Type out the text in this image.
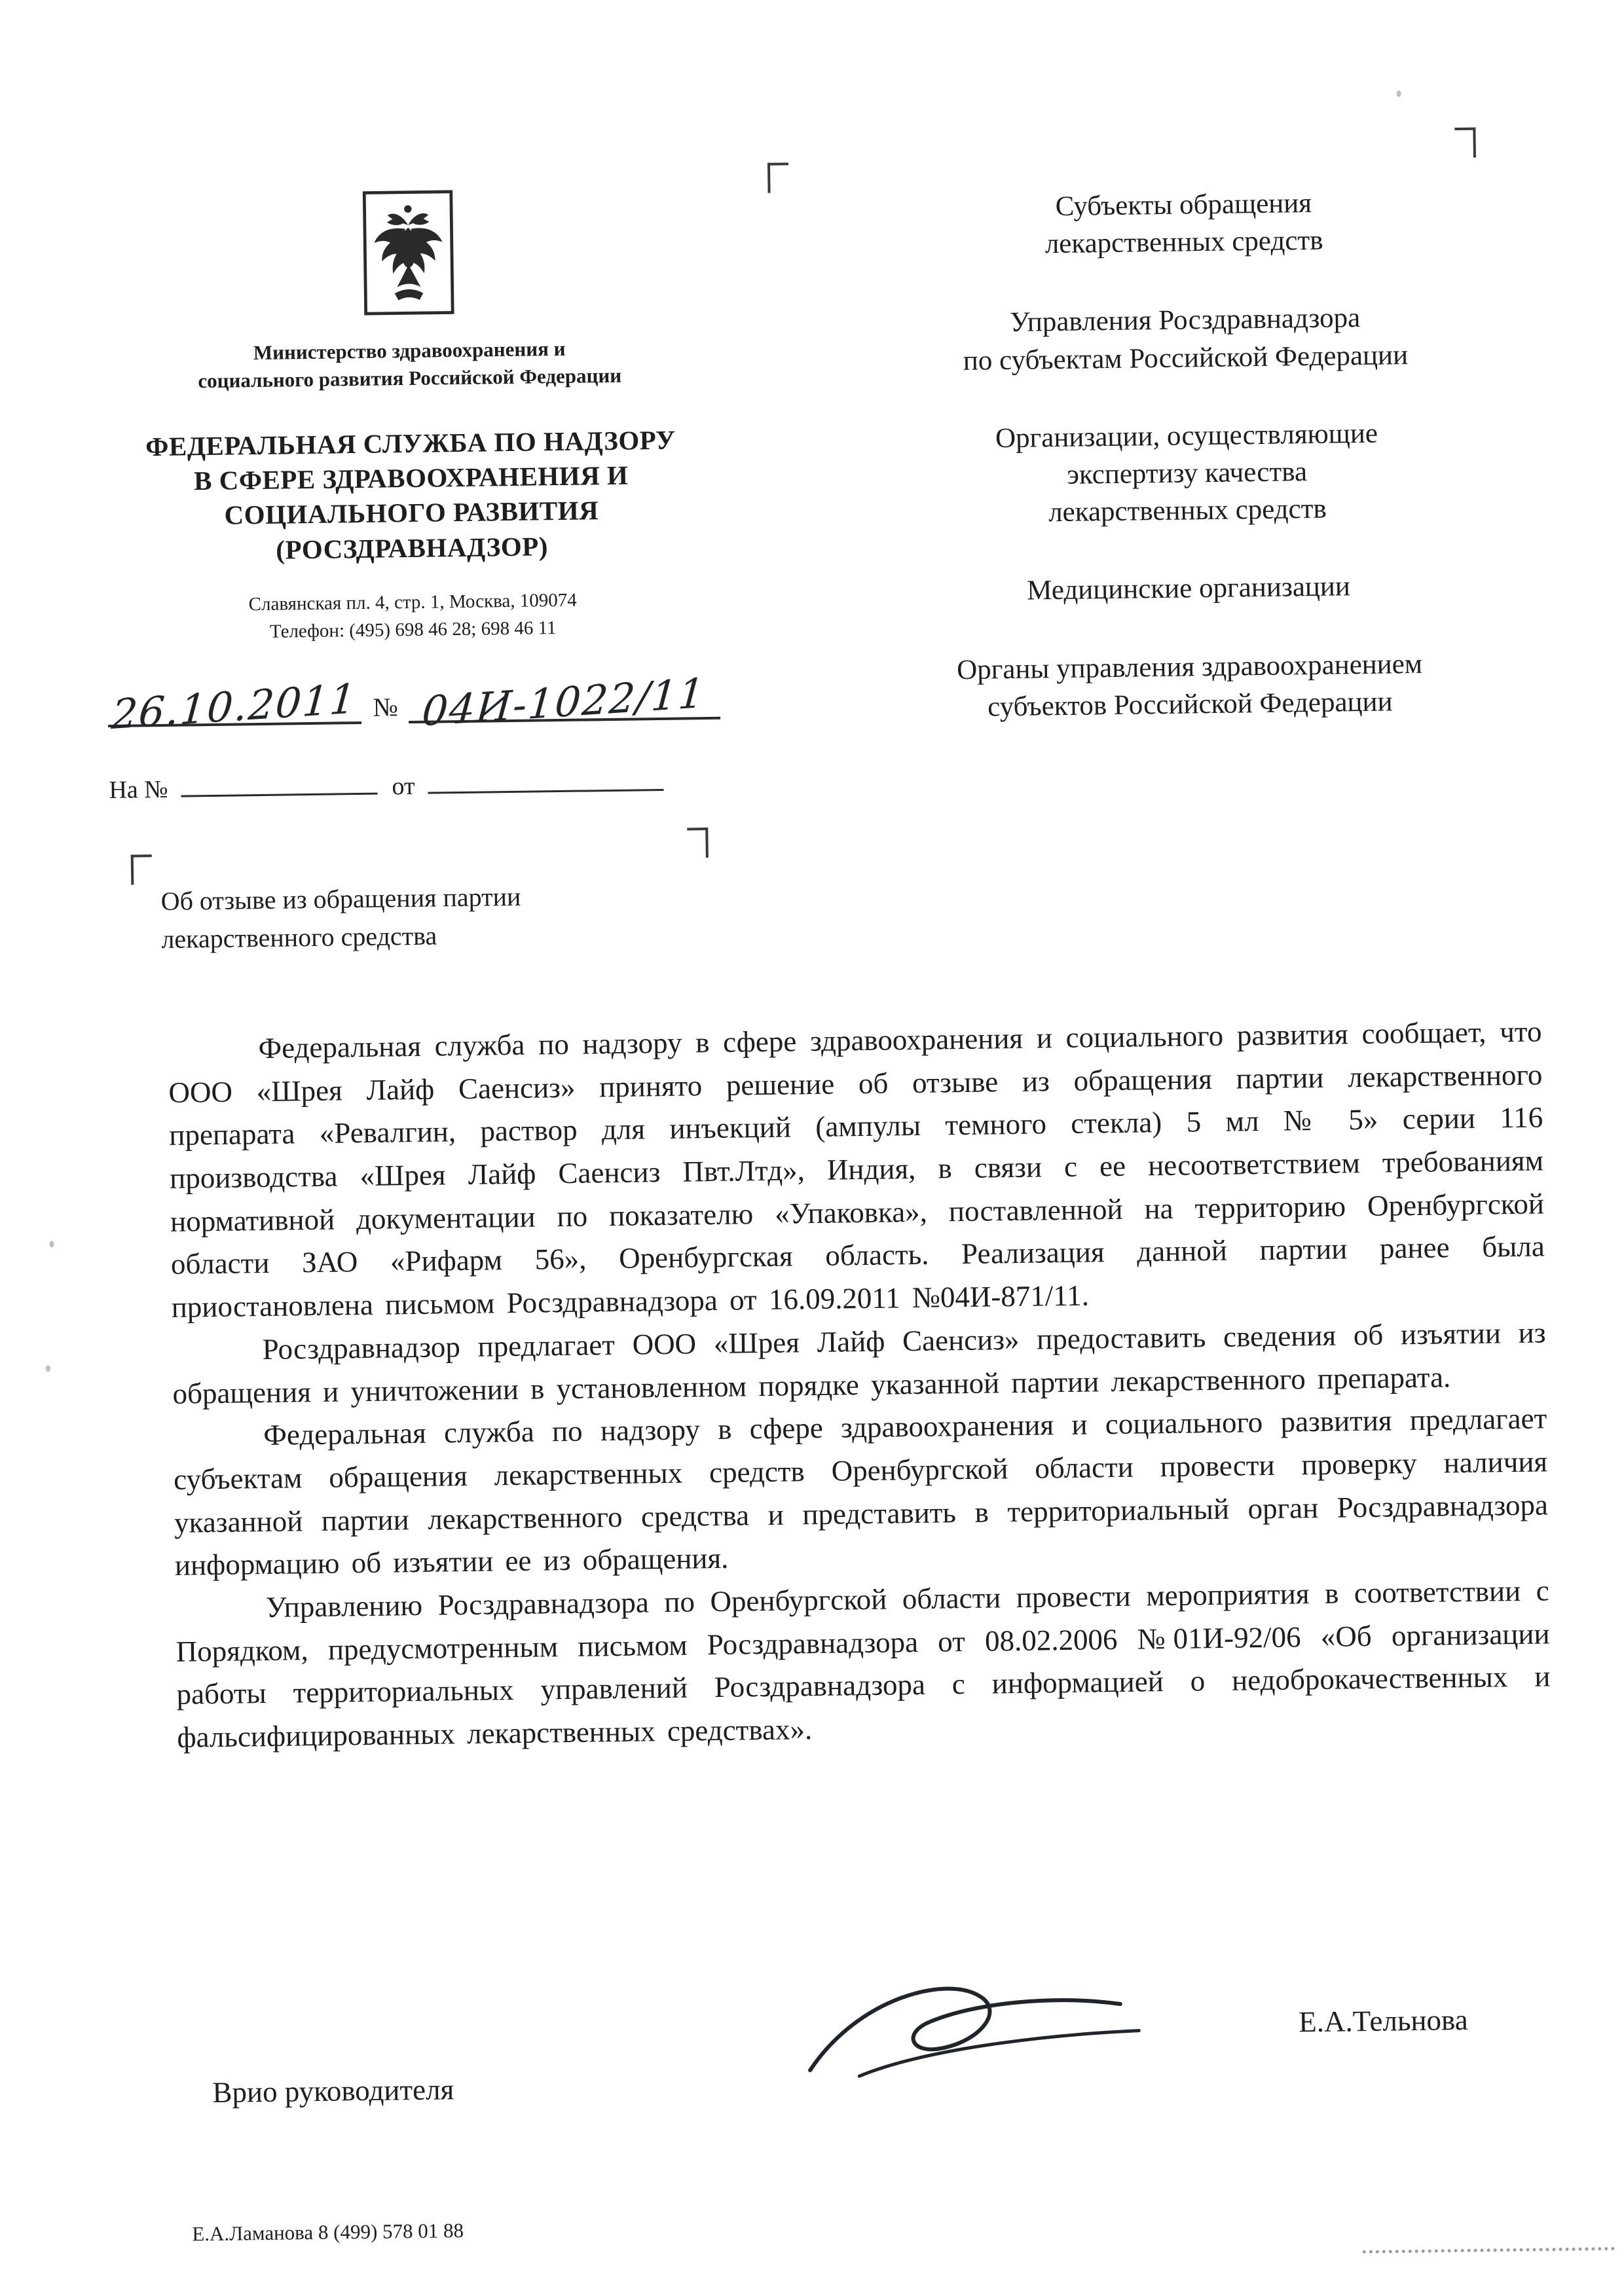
Министерство здравоохранения и
социального развития Российской Федерации
ФЕДЕРАЛЬНАЯ СЛУЖБА ПО НАДЗОРУ
В СФЕРЕ ЗДРАВООХРАНЕНИЯ И
СОЦИАЛЬНОГО РАЗВИТИЯ
(РОСЗДРАВНАДЗОР)
Славянская пл. 4, стр. 1, Москва, 109074
Телефон: (495) 698 46 28; 698 46 11
26.10.2011 № 04И-1022/11
На №	от
Субъекты обращения
лекарственных средств
Управления Росздравнадзора
по субъектам Российской Федерации
Организации, осуществляющие
экспертизу качества
лекарственных средств
Медицинские организации
Органы управления здравоохранением
субъектов Российской Федерации
Об отзыве из обращения партии
лекарственного средства

Федеральная служба по надзору в сфере здравоохранения и социального развития сообщает, что ООО «Шрея Лайф Саенсиз» принято решение об отзыве из обращения партии лекарственного препарата «Ревалгин, раствор для инъекций (ампулы темного стекла) 5 мл № 5» серии 116 производства «Шрея Лайф Саенсиз Пвт.Лтд», Индия, в связи с ее несоответствием требованиям нормативной документации по показателю «Упаковка», поставленной на территорию Оренбургской области ЗАО «Рифарм 56», Оренбургская область. Реализация данной партии ранее была приостановлена письмом Росздравнадзора от 16.09.2011 №04И-871/11.

Росздравнадзор предлагает ООО «Шрея Лайф Саенсиз» предоставить сведения об изъятии из обращения и уничтожении в установленном порядке указанной партии лекарственного препарата.

Федеральная служба по надзору в сфере здравоохранения и социального развития предлагает субъектам обращения лекарственных средств Оренбургской области провести проверку наличия указанной партии лекарственного средства и представить в территориальный орган Росздравнадзора информацию об изъятии ее из обращения.

Управлению Росздравнадзора по Оренбургской области провести мероприятия в соответствии с Порядком, предусмотренным письмом Росздравнадзора от 08.02.2006 №01И-92/06 «Об организации работы территориальных управлений Росздравнадзора с информацией о недоброкачественных и фальсифицированных лекарственных средствах».

Врио руководителя
Е.А.Тельнова
Е.А.Ламанова 8 (499) 578 01 88
